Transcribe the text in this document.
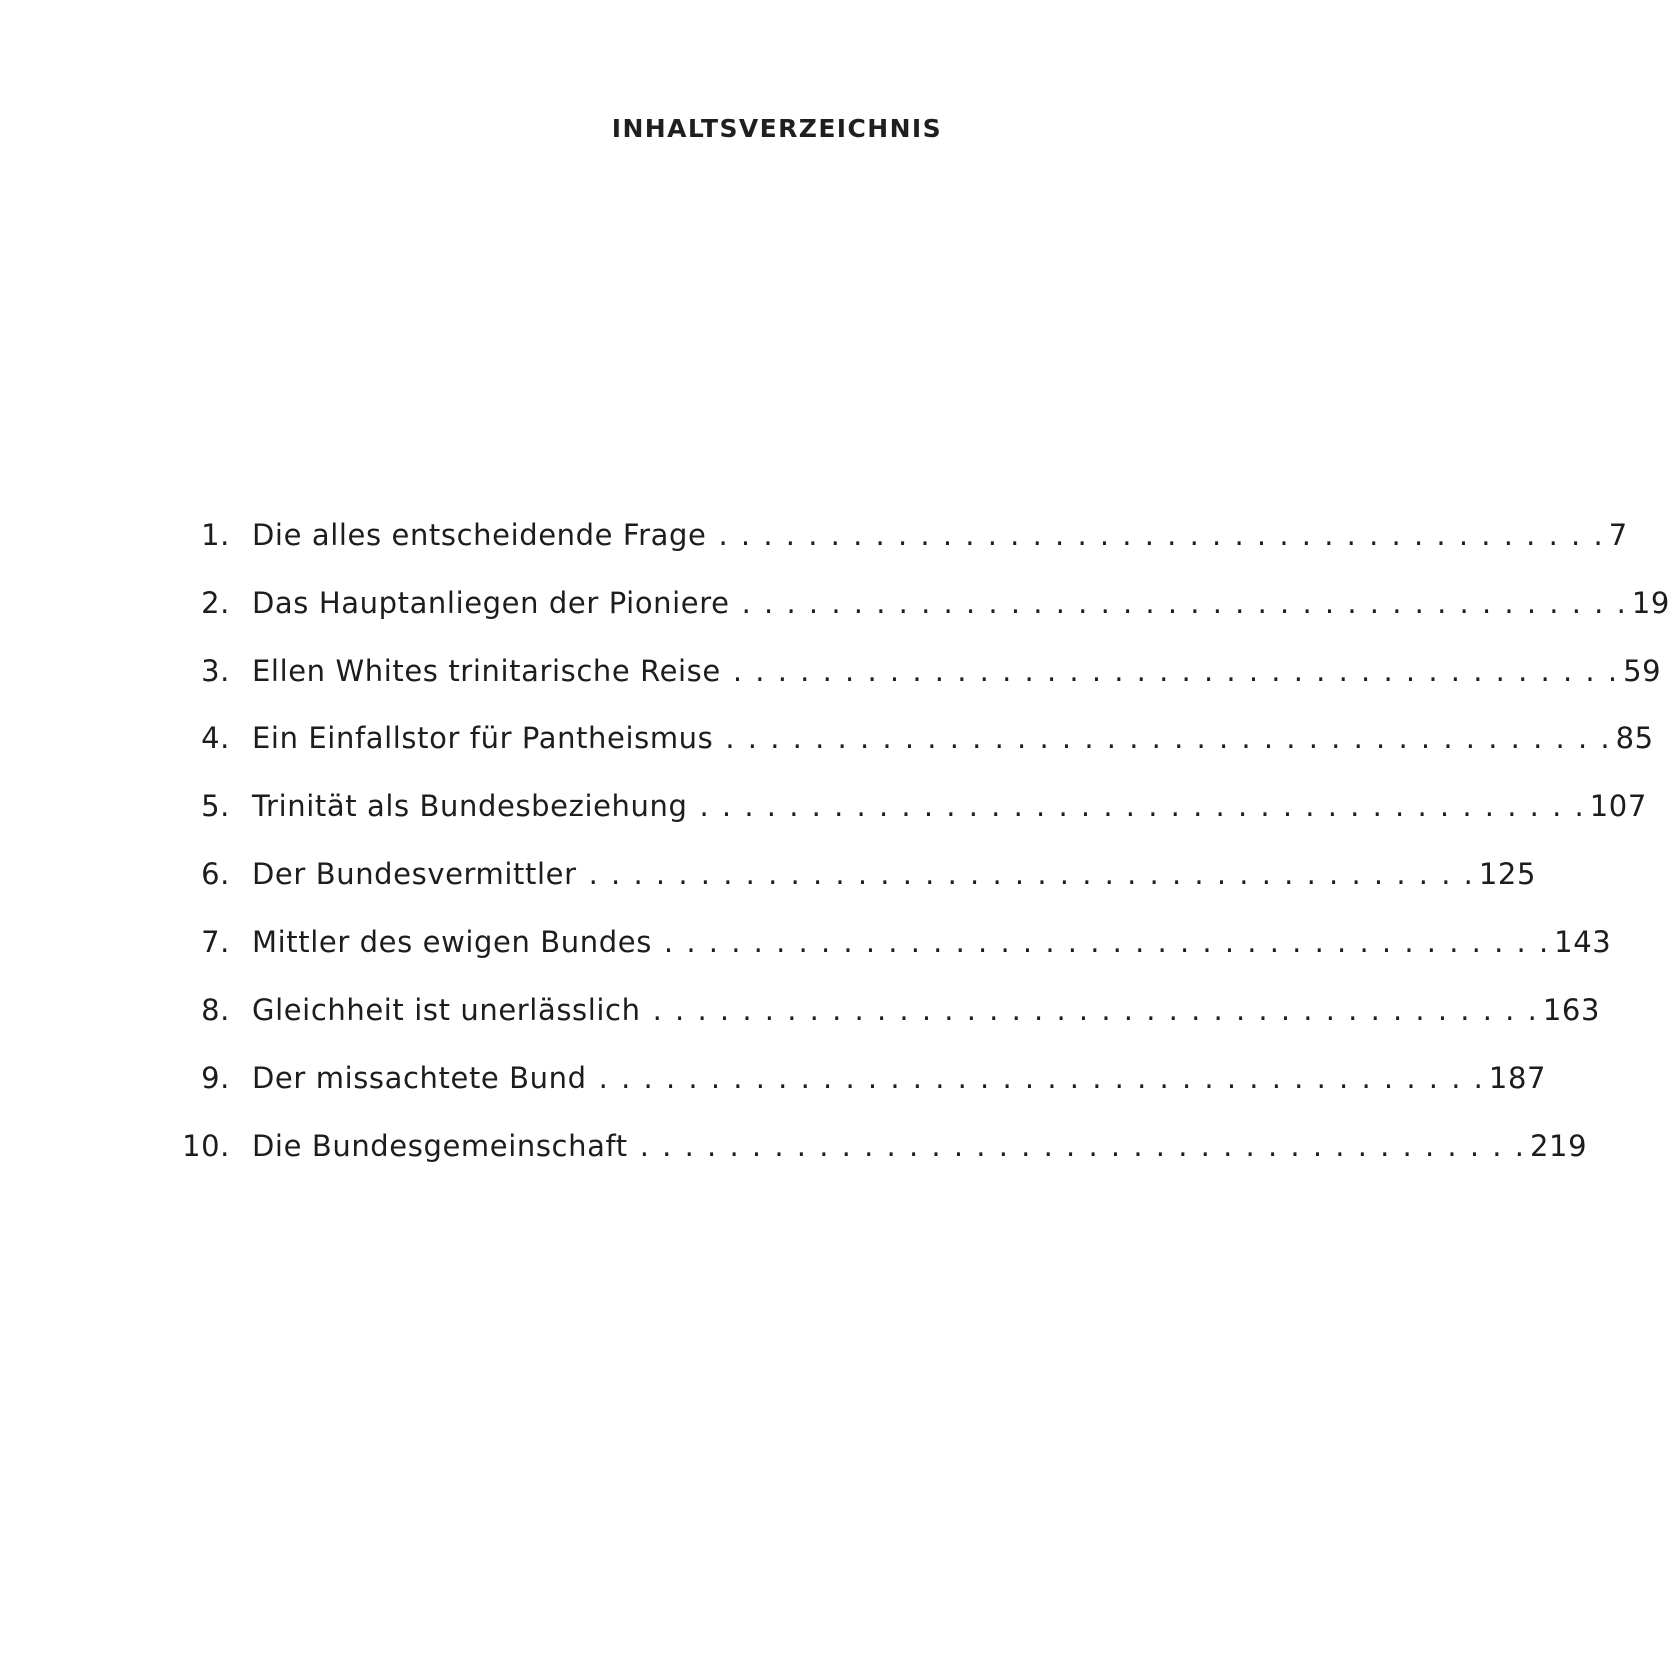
INHALTSVERZEICHNIS
1. Die alles entscheidende Frage . . .	7
2. Das Hauptanliegen der Pioniere . . .	19
3. Ellen Whites trinitarische Reise . . .	59
4. Ein Einfallstor für Pantheismus . . .	85
5. Trinität als Bundesbeziehung . . .	107
6. Der Bundesvermittler . . .	125
7. Mittler des ewigen Bundes . . .	143
8. Gleichheit ist unerlässlich . . .	163
9. Der missachtete Bund . . .	187
10. Die Bundesgemeinschaft . . .	219
